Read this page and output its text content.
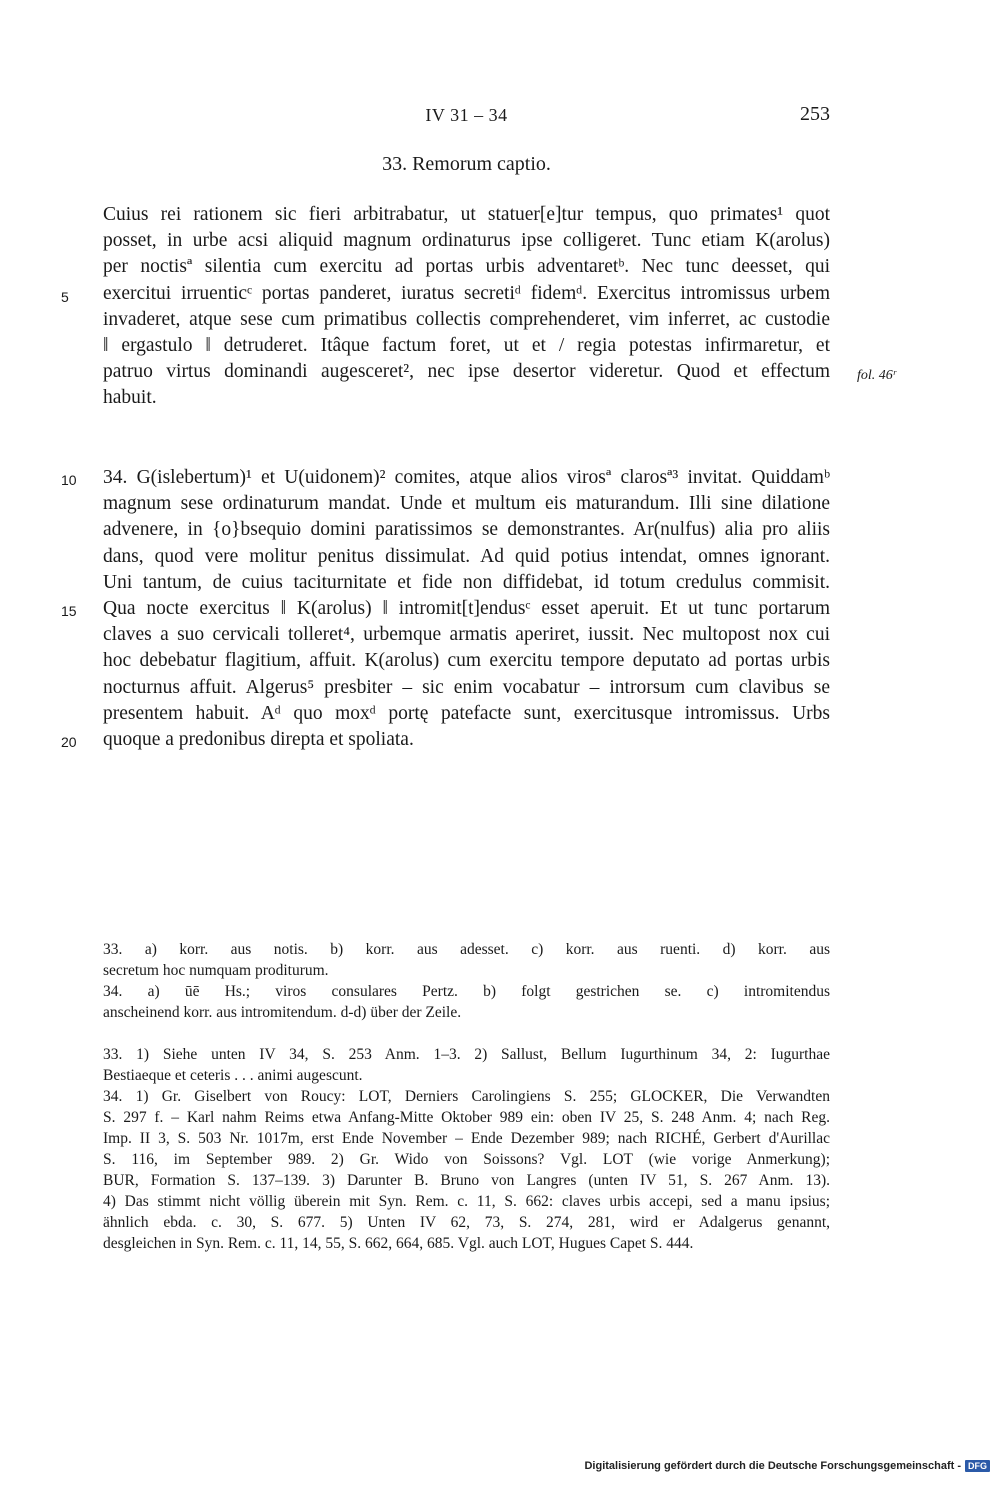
IV 31 – 34	253
33. Remorum captio.
Cuius rei rationem sic fieri arbitrabatur, ut statuer[e]tur tempus, quo primates¹ quot
posset, in urbe acsi aliquid magnum ordinaturus ipse colligeret. Tunc etiam K(arolus)
per noctisª silentia cum exercitu ad portas urbis adventaretᵇ. Nec tunc deesset, qui
exercitui irruenticᶜ portas panderet, iuratus secretiᵈ fidemᵈ. Exercitus intromissus urbem
invaderet, atque sese cum primatibus collectis comprehenderet, vim inferret, ac custodie
‖ ergastulo ‖ detruderet. Itâque factum foret, ut et / regia potestas infirmaretur, et
patruo virtus dominandi augesceret², nec ipse desertor videretur. Quod et effectum
habuit.
fol. 46ʳ
34. G(islebertum)¹ et U(uidonem)² comites, atque alios virosª clarosª³ invitat. Quiddamᵇ
magnum sese ordinaturum mandat. Unde et multum eis maturandum. Illi sine dilatione
advenere, in {o}bsequio domini paratissimos se demonstrantes. Ar(nulfus) alia pro aliis
dans, quod vere molitur penitus dissimulat. Ad quid potius intendat, omnes ignorant.
Uni tantum, de cuius taciturnitate et fide non diffidebat, id totum credulus commisit.
Qua nocte exercitus ‖ K(arolus) ‖ intromit[t]endusᶜ esset aperuit. Et ut tunc portarum
claves a suo cervicali tolleret⁴, urbemque armatis aperiret, iussit. Nec multopost nox cui
hoc debebatur flagitium, affuit. K(arolus) cum exercitu tempore deputato ad portas urbis
nocturnus affuit. Algerus⁵ presbiter – sic enim vocabatur – introrsum cum clavibus se
presentem habuit. Aᵈ quo moxᵈ portę patefacte sunt, exercitusque intromissus. Urbs
quoque a predonibus direpta et spoliata.
5
10
15
20
33. a) korr. aus notis. b) korr. aus adesset. c) korr. aus ruenti. d) korr. aus
secretum hoc numquam proditurum.
34. a) ūē Hs.; viros consulares Pertz. b) folgt gestrichen se. c) intromitendus
anscheinend korr. aus intromitendum. d-d) über der Zeile.
33. 1) Siehe unten IV 34, S. 253 Anm. 1–3. 2) Sallust, Bellum Iugurthinum 34, 2: Iugurthae
Bestiaeque et ceteris . . . animi augescunt.
34. 1) Gr. Giselbert von Roucy: LOT, Derniers Carolingiens S. 255; GLOCKER, Die Verwandten
S. 297 f. – Karl nahm Reims etwa Anfang-Mitte Oktober 989 ein: oben IV 25, S. 248 Anm. 4; nach Reg.
Imp. II 3, S. 503 Nr. 1017m, erst Ende November – Ende Dezember 989; nach RICHÉ, Gerbert d'Aurillac
S. 116, im September 989. 2) Gr. Wido von Soissons? Vgl. LOT (wie vorige Anmerkung);
BUR, Formation S. 137–139. 3) Darunter B. Bruno von Langres (unten IV 51, S. 267 Anm. 13).
4) Das stimmt nicht völlig überein mit Syn. Rem. c. 11, S. 662: claves urbis accepi, sed a manu ipsius;
ähnlich ebda. c. 30, S. 677. 5) Unten IV 62, 73, S. 274, 281, wird er Adalgerus genannt,
desgleichen in Syn. Rem. c. 11, 14, 55, S. 662, 664, 685. Vgl. auch LOT, Hugues Capet S. 444.
Digitalisierung gefördert durch die Deutsche Forschungsgemeinschaft - DFG
